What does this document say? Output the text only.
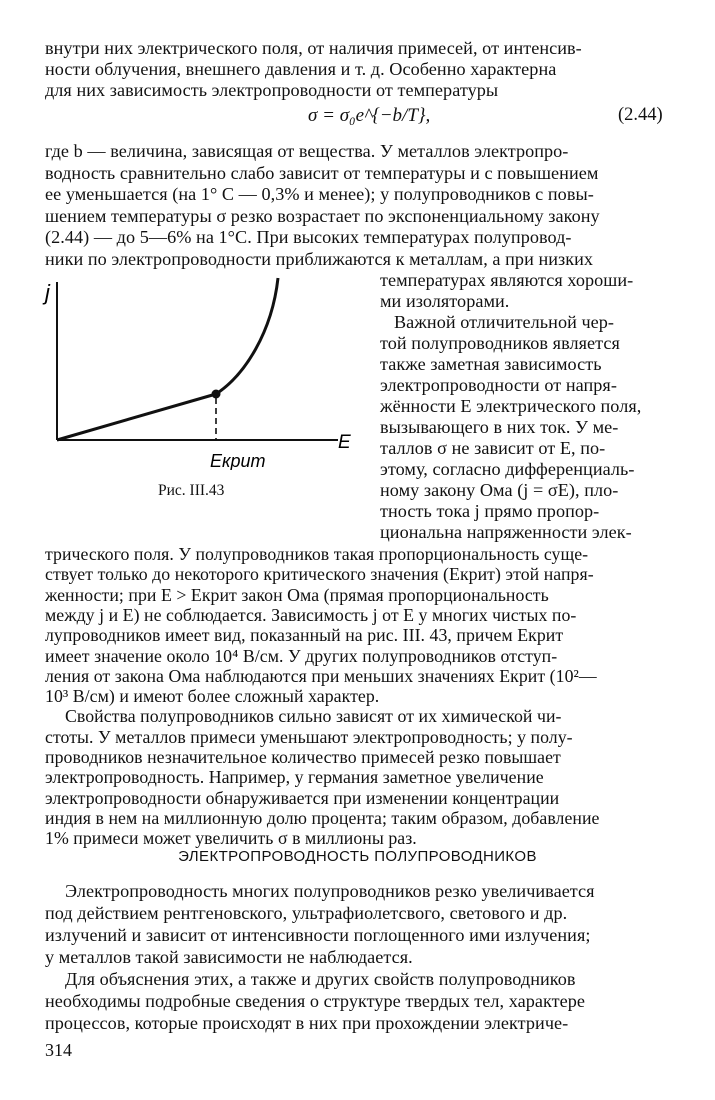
внутри них электрического поля, от наличия примесей, от интенсив-
ности облучения, внешнего давления и т. д. Особенно характерна
для них зависимость электропроводности от температуры
σ = σ₀e^{−b/T},	(2.44)
где b — величина, зависящая от вещества. У металлов электропро-
водность сравнительно слабо зависит от температуры и с повышением
ее уменьшается (на 1° С — 0,3% и менее); у полупроводников с повы-
шением температуры σ резко возрастает по экспоненциальному закону
(2.44) — до 5—6% на 1°С. При высоких температурах полупровод-
ники по электропроводности приближаются к металлам, а при низких
j
E
Eкрит
Рис. III.43
температурах являются хороши-
ми изоляторами.
Важной отличительной чер-
той полупроводников является
также заметная зависимость
электропроводности от напря-
жённости E электрического поля,
вызывающего в них ток. У ме-
таллов σ не зависит от E, по-
этому, согласно дифференциаль-
ному закону Ома (j = σE), пло-
тность тока j прямо пропор-
циональна напряженности элек-
трического поля. У полупроводников такая пропорциональность суще-
ствует только до некоторого критического значения (Eкрит) этой напря-
женности; при E > Eкрит закон Ома (прямая пропорциональность
между j и E) не соблюдается. Зависимость j от E у многих чистых по-
лупроводников имеет вид, показанный на рис. III. 43, причем Eкрит
имеет значение около 10⁴ В/см. У других полупроводников отступ-
ления от закона Ома наблюдаются при меньших значениях Eкрит (10²—
10³ В/см) и имеют более сложный характер.
Свойства полупроводников сильно зависят от их химической чи-
стоты. У металлов примеси уменьшают электропроводность; у полу-
проводников незначительное количество примесей резко повышает
электропроводность. Например, у германия заметное увеличение
электропроводности обнаруживается при изменении концентрации
ЭЛЕКТРОПРОВОДНОСТЬ ПОЛУПРОВОДНИКОВ
Электропроводность многих полупроводников резко увеличивается
под действием рентгеновского, ультрафиолетсвого, светового и др.
излучений и зависит от интенсивности поглощенного ими излучения;
у металлов такой зависимости не наблюдается.
Для объяснения этих, а также и других свойств полупроводников
необходимы подробные сведения о структуре твердых тел, характере
процессов, которые происходят в них при прохождении электриче-
314
индия в нем на миллионную долю процента; таким образом, добавление
1% примеси может увеличить σ в миллионы раз.
